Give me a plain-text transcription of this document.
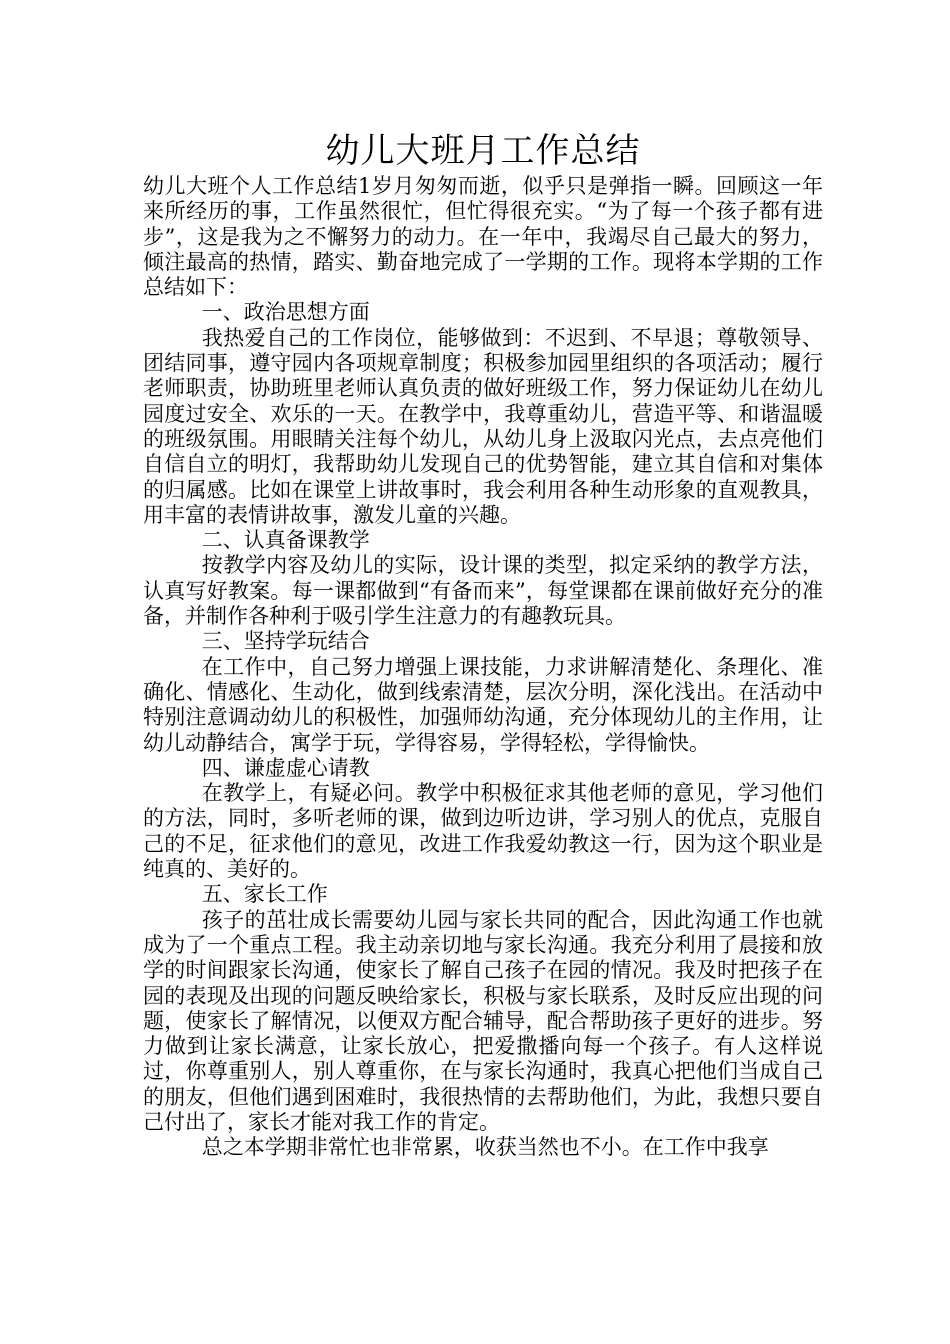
幼儿大班月工作总结

幼儿大班个人工作总结1岁月匆匆而逝，似乎只是弹指一瞬。回顾这一年来所经历的事，工作虽然很忙，但忙得很充实。“为了每一个孩子都有进步”，这是我为之不懈努力的动力。在一年中，我竭尽自己最大的努力，倾注最高的热情，踏实、勤奋地完成了一学期的工作。现将本学期的工作总结如下：

一、政治思想方面

我热爱自己的工作岗位，能够做到：不迟到、不早退；尊敬领导、团结同事，遵守园内各项规章制度；积极参加园里组织的各项活动；履行老师职责，协助班里老师认真负责的做好班级工作，努力保证幼儿在幼儿园度过安全、欢乐的一天。在教学中，我尊重幼儿，营造平等、和谐温暖的班级氛围。用眼睛关注每个幼儿，从幼儿身上汲取闪光点，去点亮他们自信自立的明灯，我帮助幼儿发现自己的优势智能，建立其自信和对集体的归属感。比如在课堂上讲故事时，我会利用各种生动形象的直观教具，用丰富的表情讲故事，激发儿童的兴趣。

二、认真备课教学

按教学内容及幼儿的实际，设计课的类型，拟定采纳的教学方法，认真写好教案。每一课都做到“有备而来”，每堂课都在课前做好充分的准备，并制作各种利于吸引学生注意力的有趣教玩具。

三、坚持学玩结合

在工作中，自己努力增强上课技能，力求讲解清楚化、条理化、准确化、情感化、生动化，做到线索清楚，层次分明，深化浅出。在活动中特别注意调动幼儿的积极性，加强师幼沟通，充分体现幼儿的主作用，让幼儿动静结合，寓学于玩，学得容易，学得轻松，学得愉快。

四、谦虚虚心请教

在教学上，有疑必问。教学中积极征求其他老师的意见，学习他们的方法，同时，多听老师的课，做到边听边讲，学习别人的优点，克服自己的不足，征求他们的意见，改进工作我爱幼教这一行，因为这个职业是纯真的、美好的。

五、家长工作

孩子的茁壮成长需要幼儿园与家长共同的配合，因此沟通工作也就成为了一个重点工程。我主动亲切地与家长沟通。我充分利用了晨接和放学的时间跟家长沟通，使家长了解自己孩子在园的情况。我及时把孩子在园的表现及出现的问题反映给家长，积极与家长联系，及时反应出现的问题，使家长了解情况，以便双方配合辅导，配合帮助孩子更好的进步。努力做到让家长满意，让家长放心，把爱撒播向每一个孩子。有人这样说过，你尊重别人，别人尊重你，在与家长沟通时，我真心把他们当成自己的朋友，但他们遇到困难时，我很热情的去帮助他们，为此，我想只要自己付出了，家长才能对我工作的肯定。

总之本学期非常忙也非常累，收获当然也不小。在工作中我享
